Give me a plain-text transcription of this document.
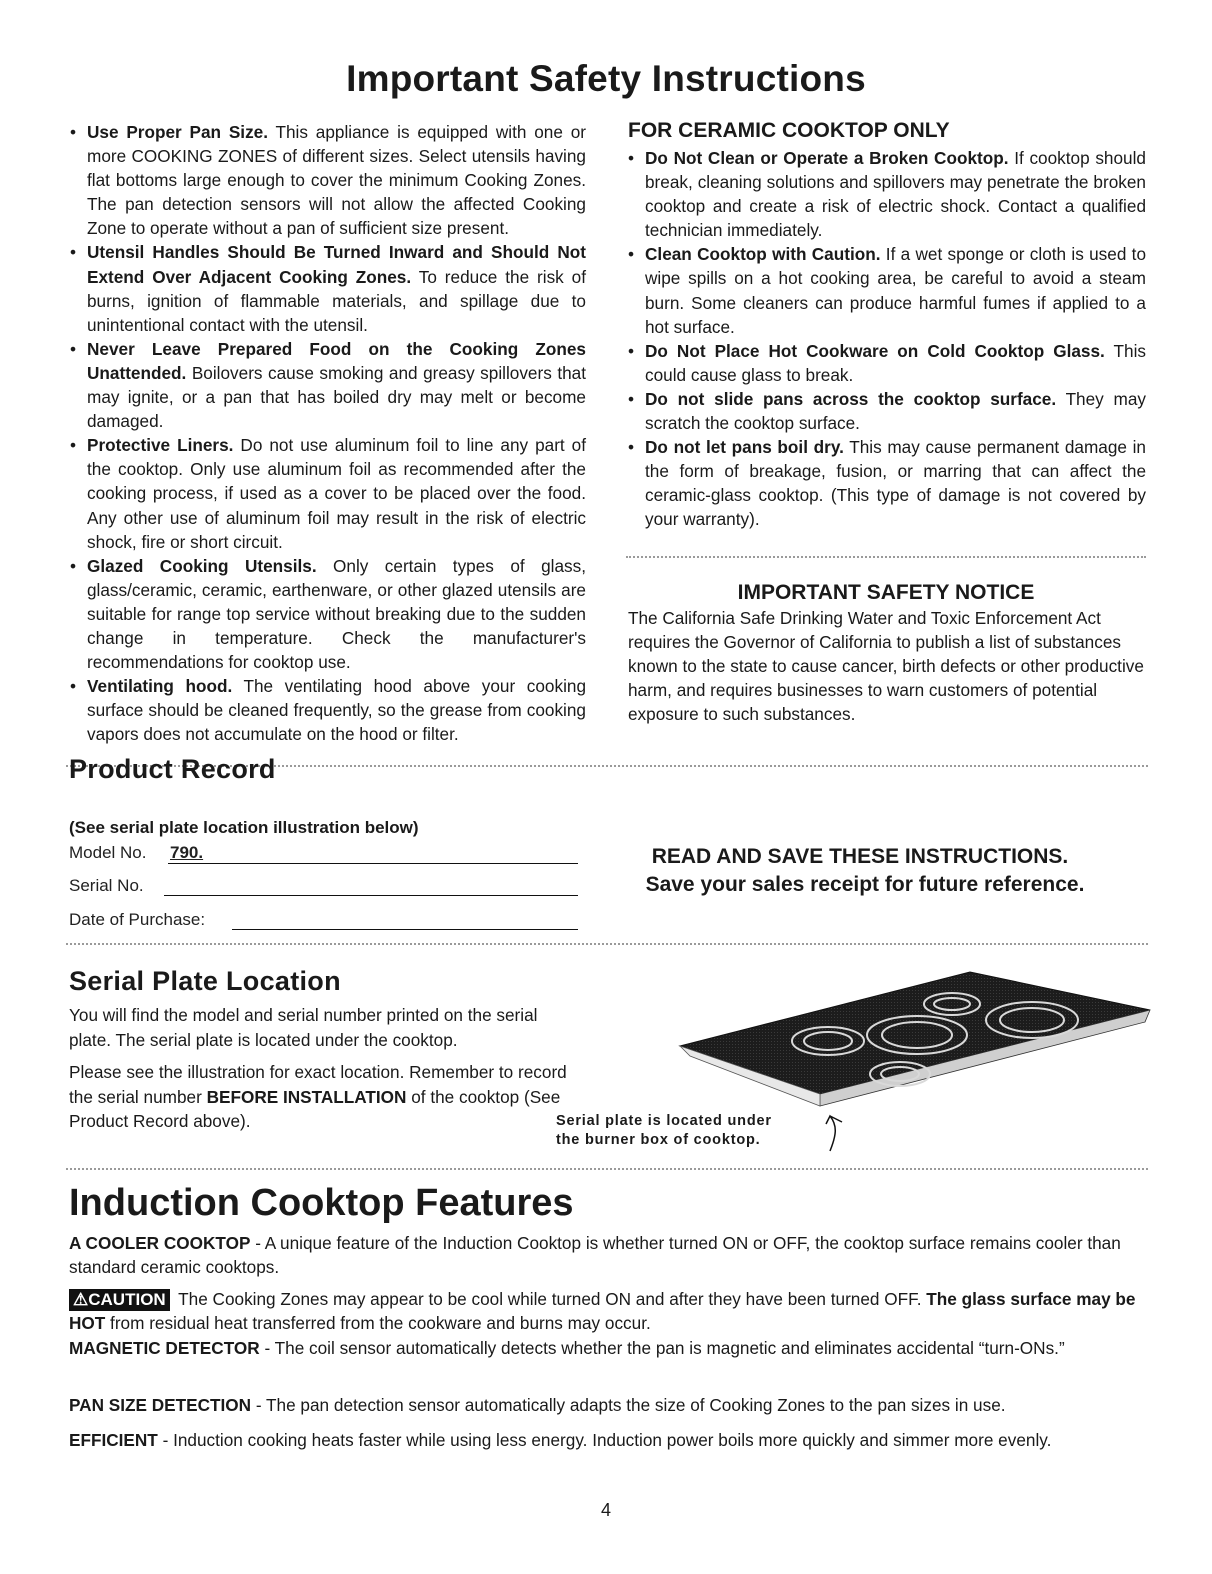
Important Safety Instructions
• Use Proper Pan Size. This appliance is equipped with one or more COOKING ZONES of different sizes. Select utensils having flat bottoms large enough to cover the minimum Cooking Zones. The pan detection sensors will not allow the affected Cooking Zone to operate without a pan of sufficient size present.
• Utensil Handles Should Be Turned Inward and Should Not Extend Over Adjacent Cooking Zones. To reduce the risk of burns, ignition of flammable materials, and spillage due to unintentional contact with the utensil.
• Never Leave Prepared Food on the Cooking Zones Unattended. Boilovers cause smoking and greasy spillovers that may ignite, or a pan that has boiled dry may melt or become damaged.
• Protective Liners. Do not use aluminum foil to line any part of the cooktop. Only use aluminum foil as recommended after the cooking process, if used as a cover to be placed over the food. Any other use of aluminum foil may result in the risk of electric shock, fire or short circuit.
• Glazed Cooking Utensils. Only certain types of glass, glass/ceramic, ceramic, earthenware, or other glazed utensils are suitable for range top service without breaking due to the sudden change in temperature. Check the manufacturer's recommendations for cooktop use.
• Ventilating hood. The ventilating hood above your cooking surface should be cleaned frequently, so the grease from cooking vapors does not accumulate on the hood or filter.
FOR CERAMIC COOKTOP ONLY
• Do Not Clean or Operate a Broken Cooktop. If cooktop should break, cleaning solutions and spillovers may penetrate the broken cooktop and create a risk of electric shock. Contact a qualified technician immediately.
• Clean Cooktop with Caution. If a wet sponge or cloth is used to wipe spills on a hot cooking area, be careful to avoid a steam burn. Some cleaners can produce harmful fumes if applied to a hot surface.
• Do Not Place Hot Cookware on Cold Cooktop Glass. This could cause glass to break.
• Do not slide pans across the cooktop surface. They may scratch the cooktop surface.
• Do not let pans boil dry. This may cause permanent damage in the form of breakage, fusion, or marring that can affect the ceramic-glass cooktop. (This type of damage is not covered by your warranty).
IMPORTANT SAFETY NOTICE
The California Safe Drinking Water and Toxic Enforcement Act requires the Governor of California to publish a list of substances known to the state to cause cancer, birth defects or other productive harm, and requires businesses to warn customers of potential exposure to such substances.
Product Record
(See serial plate location illustration below)
Model No. 790.
Serial No.
Date of Purchase:
READ AND SAVE THESE INSTRUCTIONS.
Save your sales receipt for future reference.
Serial Plate Location
You will find the model and serial number printed on the serial plate. The serial plate is located under the cooktop.
Please see the illustration for exact location. Remember to record the serial number BEFORE INSTALLATION of the cooktop (See Product Record above).	Serial plate is located under
the burner box of cooktop.
Induction Cooktop Features
A COOLER COOKTOP - A unique feature of the Induction Cooktop is whether turned ON or OFF, the cooktop surface remains cooler than standard ceramic cooktops.
⚠CAUTION The Cooking Zones may appear to be cool while turned ON and after they have been turned OFF. The glass surface may be HOT from residual heat transferred from the cookware and burns may occur.
MAGNETIC DETECTOR - The coil sensor automatically detects whether the pan is magnetic and eliminates accidental “turn-ONs.”
PAN SIZE DETECTION - The pan detection sensor automatically adapts the size of Cooking Zones to the pan sizes in use.
EFFICIENT - Induction cooking heats faster while using less energy. Induction power boils more quickly and simmer more evenly.
4
